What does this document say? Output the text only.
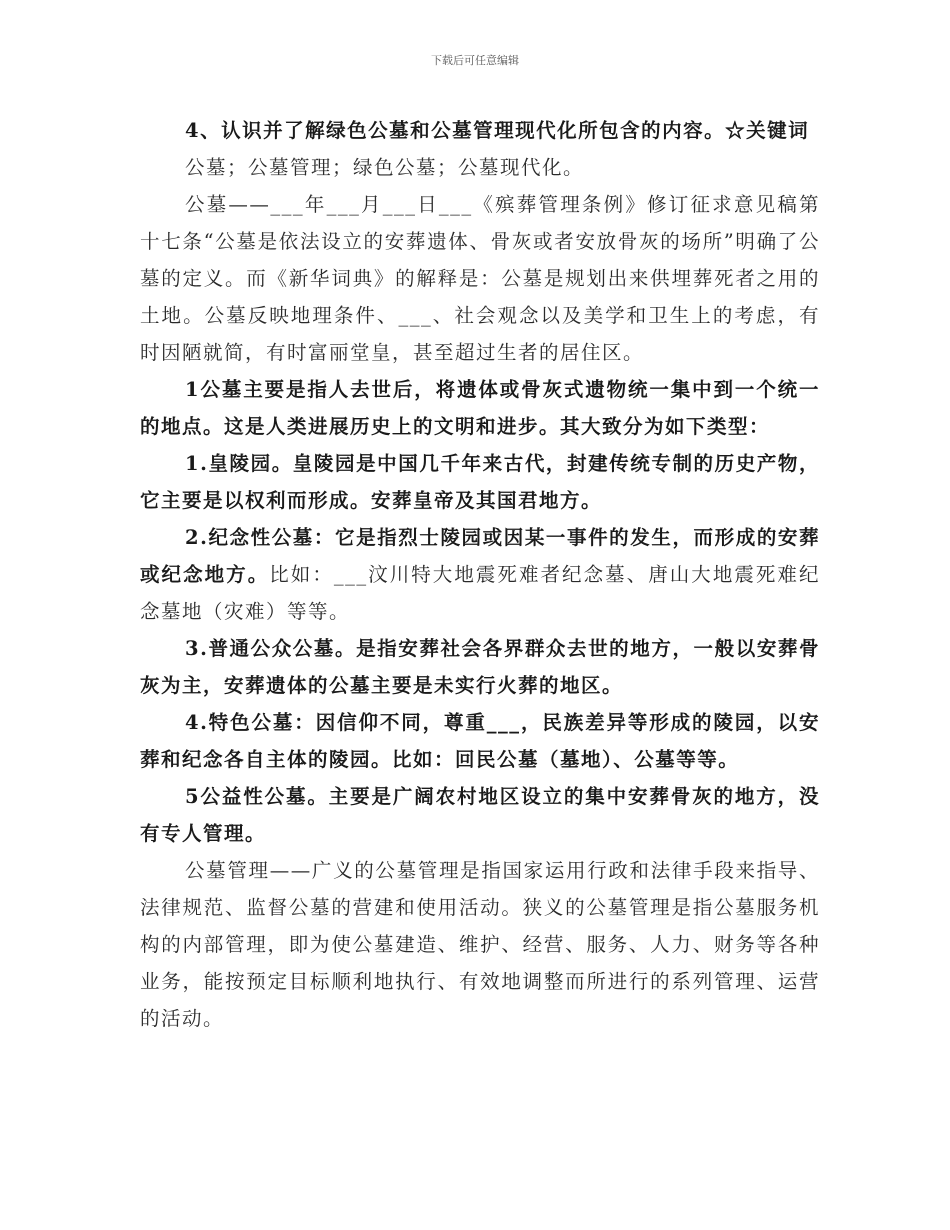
下载后可任意编辑

4、认识并了解绿色公墓和公墓管理现代化所包含的内容。☆关键词

公墓；公墓管理；绿色公墓；公墓现代化。

公墓——___年___月___日___《殡葬管理条例》修订征求意见稿第十七条“公墓是依法设立的安葬遗体、骨灰或者安放骨灰的场所”明确了公墓的定义。而《新华词典》的解释是：公墓是规划出来供埋葬死者之用的土地。公墓反映地理条件、___、社会观念以及美学和卫生上的考虑，有时因陋就简，有时富丽堂皇，甚至超过生者的居住区。

1公墓主要是指人去世后，将遗体或骨灰式遗物统一集中到一个统一的地点。这是人类进展历史上的文明和进步。其大致分为如下类型：

1.皇陵园。皇陵园是中国几千年来古代，封建传统专制的历史产物，它主要是以权利而形成。安葬皇帝及其国君地方。

2.纪念性公墓：它是指烈士陵园或因某一事件的发生，而形成的安葬或纪念地方。比如：___汶川特大地震死难者纪念墓、唐山大地震死难纪念墓地（灾难）等等。

3.普通公众公墓。是指安葬社会各界群众去世的地方，一般以安葬骨灰为主，安葬遗体的公墓主要是未实行火葬的地区。

4.特色公墓：因信仰不同，尊重___，民族差异等形成的陵园，以安葬和纪念各自主体的陵园。比如：回民公墓（墓地）、公墓等等。

5公益性公墓。主要是广阔农村地区设立的集中安葬骨灰的地方，没有专人管理。

公墓管理——广义的公墓管理是指国家运用行政和法律手段来指导、法律规范、监督公墓的营建和使用活动。狭义的公墓管理是指公墓服务机构的内部管理，即为使公墓建造、维护、经营、服务、人力、财务等各种业务，能按预定目标顺利地执行、有效地调整而所进行的系列管理、运营的活动。
